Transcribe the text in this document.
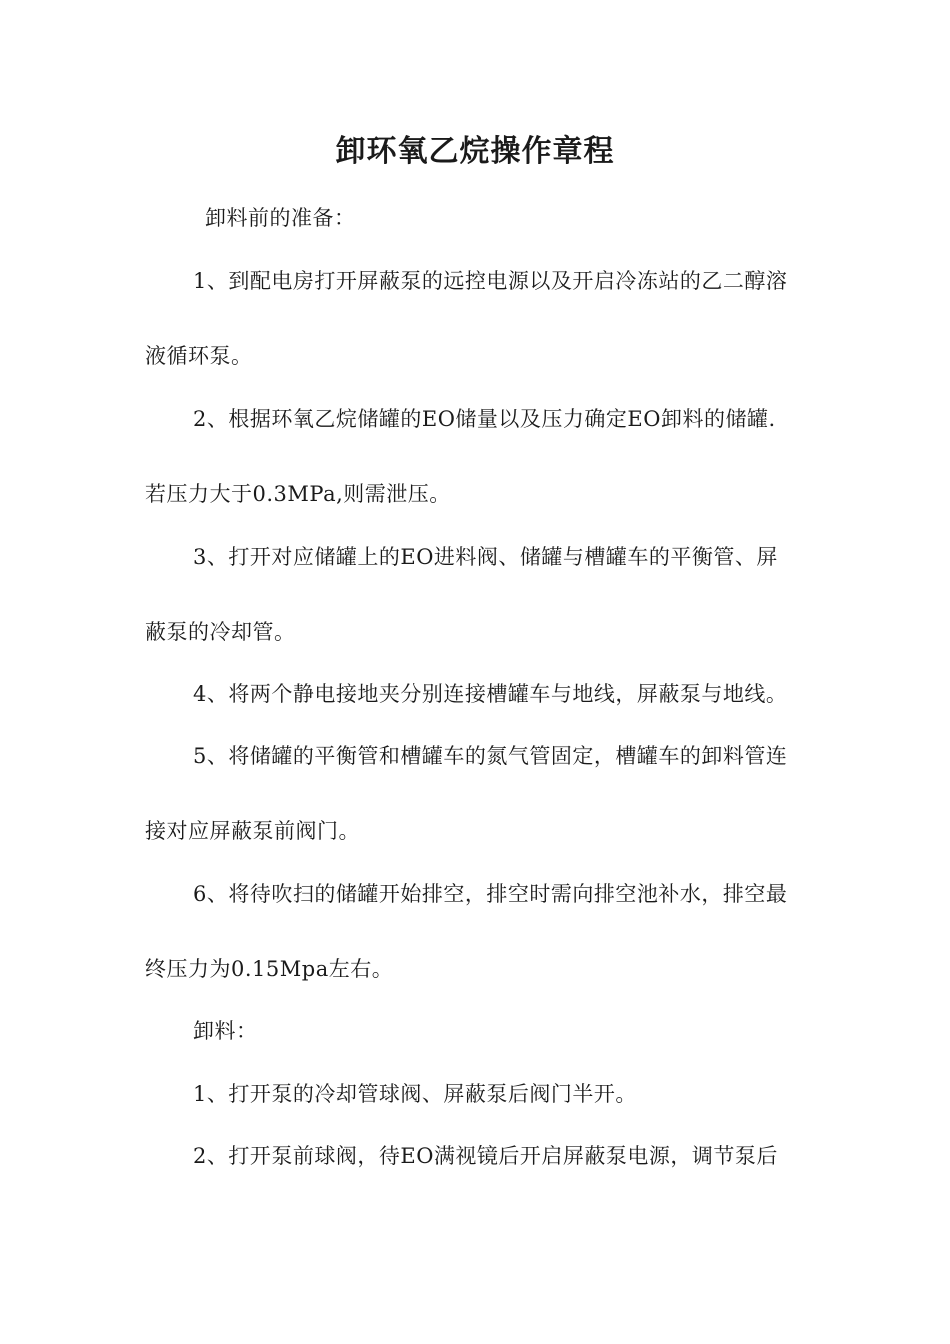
卸环氧乙烷操作章程
卸料前的准备：
1、到配电房打开屏蔽泵的远控电源以及开启冷冻站的乙二醇溶
液循环泵。
2、根据环氧乙烷储罐的EO储量以及压力确定EO卸料的储罐.
若压力大于0.3MPa,则需泄压。
3、打开对应储罐上的EO进料阀、储罐与槽罐车的平衡管、屏
蔽泵的冷却管。
4、将两个静电接地夹分别连接槽罐车与地线，屏蔽泵与地线。
5、将储罐的平衡管和槽罐车的氮气管固定，槽罐车的卸料管连
接对应屏蔽泵前阀门。
6、将待吹扫的储罐开始排空，排空时需向排空池补水，排空最
终压力为0.15Mpa左右。
卸料：
1、打开泵的冷却管球阀、屏蔽泵后阀门半开。
2、打开泵前球阀，待EO满视镜后开启屏蔽泵电源，调节泵后
